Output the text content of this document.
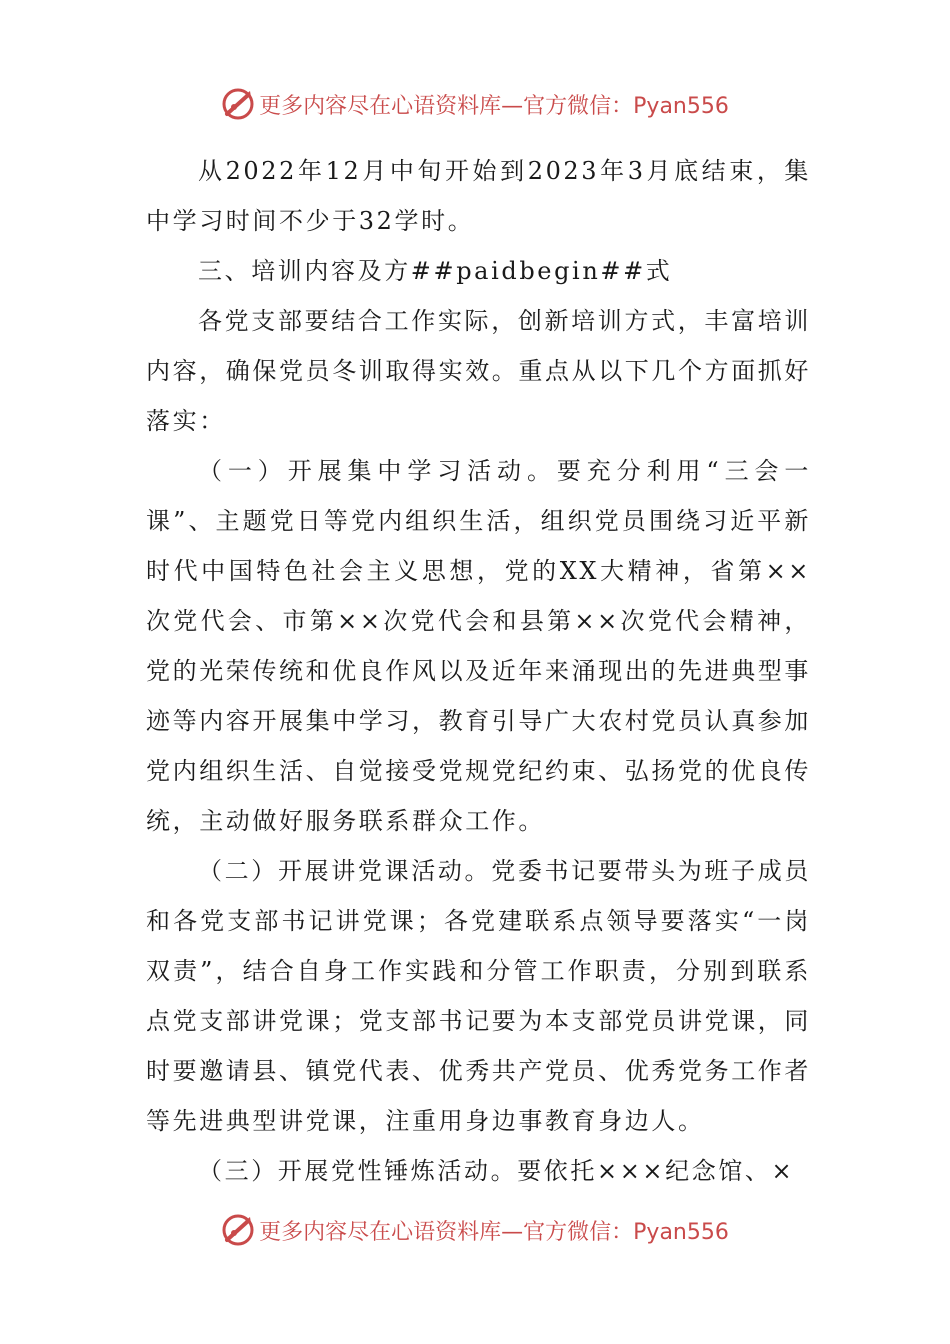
更多内容尽在心语资料库—官方微信：Pyan556

从2022年12月中旬开始到2023年3月底结束，集中学习时间不少于32学时。

三、培训内容及方##paidbegin##式

各党支部要结合工作实际，创新培训方式，丰富培训内容，确保党员冬训取得实效。重点从以下几个方面抓好落实：

（一）开展集中学习活动。要充分利用“三会一课”、主题党日等党内组织生活，组织党员围绕习近平新时代中国特色社会主义思想，党的XX大精神，省第××次党代会、市第××次党代会和县第××次党代会精神，党的光荣传统和优良作风以及近年来涌现出的先进典型事迹等内容开展集中学习，教育引导广大农村党员认真参加党内组织生活、自觉接受党规党纪约束、弘扬党的优良传统，主动做好服务联系群众工作。

（二）开展讲党课活动。党委书记要带头为班子成员和各党支部书记讲党课；各党建联系点领导要落实“一岗双责”，结合自身工作实践和分管工作职责，分别到联系点党支部讲党课；党支部书记要为本支部党员讲党课，同时要邀请县、镇党代表、优秀共产党员、优秀党务工作者等先进典型讲党课，注重用身边事教育身边人。

（三）开展党性锤炼活动。要依托×××纪念馆、×

更多内容尽在心语资料库—官方微信：Pyan556
